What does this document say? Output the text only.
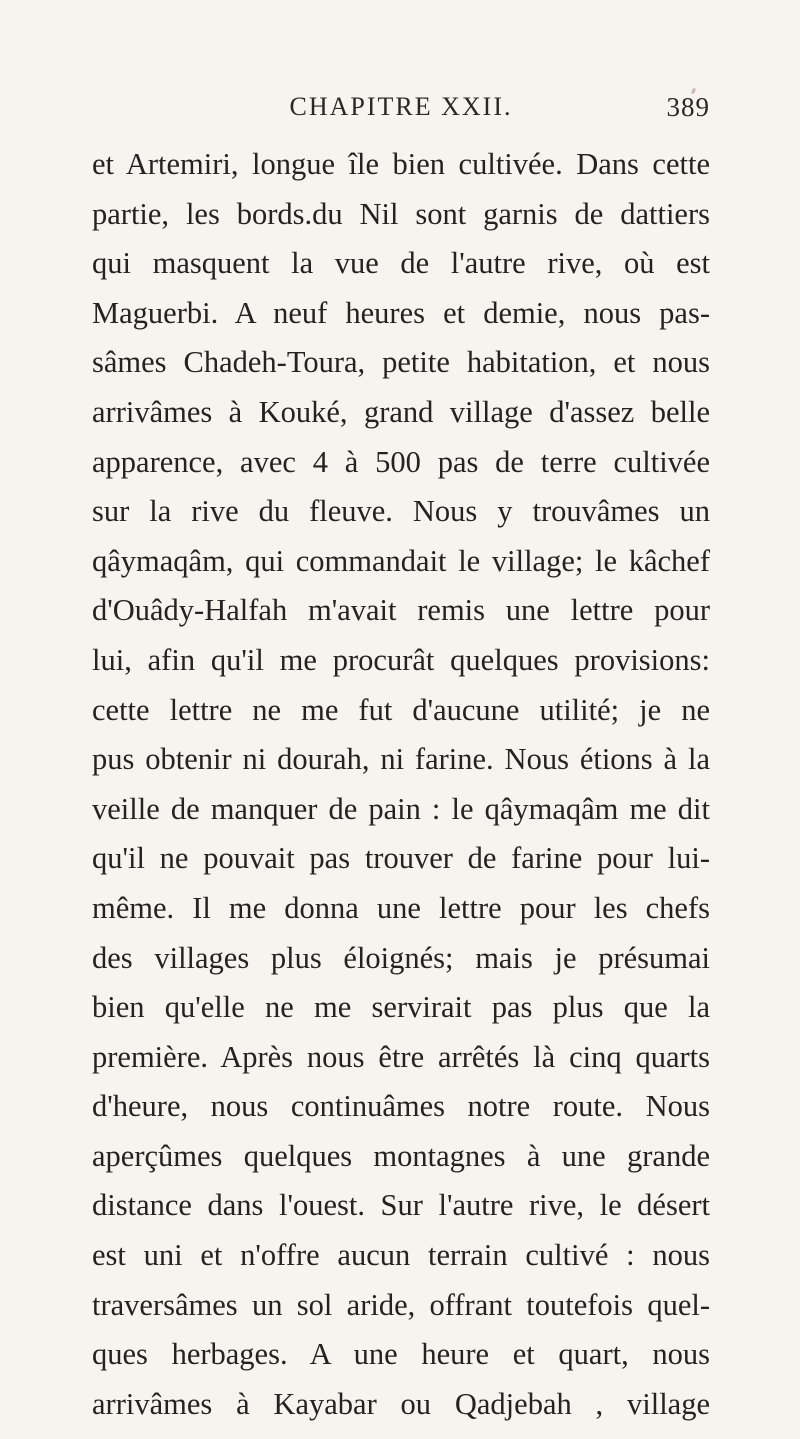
CHAPITRE XXII.	389
et Artemiri, longue île bien cultivée. Dans cette
partie, les bords.du Nil sont garnis de dattiers
qui masquent la vue de l'autre rive, où est
Maguerbi. A neuf heures et demie, nous pas-
sâmes Chadeh-Toura, petite habitation, et nous
arrivâmes à Kouké, grand village d'assez belle
apparence, avec 4 à 500 pas de terre cultivée
sur la rive du fleuve. Nous y trouvâmes un
qâymaqâm, qui commandait le village; le kâchef
d'Ouâdy-Halfah m'avait remis une lettre pour
lui, afin qu'il me procurât quelques provisions:
cette lettre ne me fut d'aucune utilité; je ne
pus obtenir ni dourah, ni farine. Nous étions à la
veille de manquer de pain : le qâymaqâm me dit
qu'il ne pouvait pas trouver de farine pour lui-
même. Il me donna une lettre pour les chefs
des villages plus éloignés; mais je présumai
bien qu'elle ne me servirait pas plus que la
première. Après nous être arrêtés là cinq quarts
d'heure, nous continuâmes notre route. Nous
aperçûmes quelques montagnes à une grande
distance dans l'ouest. Sur l'autre rive, le désert
est uni et n'offre aucun terrain cultivé : nous
traversâmes un sol aride, offrant toutefois quel-
ques herbages. A une heure et quart, nous
arrivâmes à Kayabar ou Qadjebah , village
